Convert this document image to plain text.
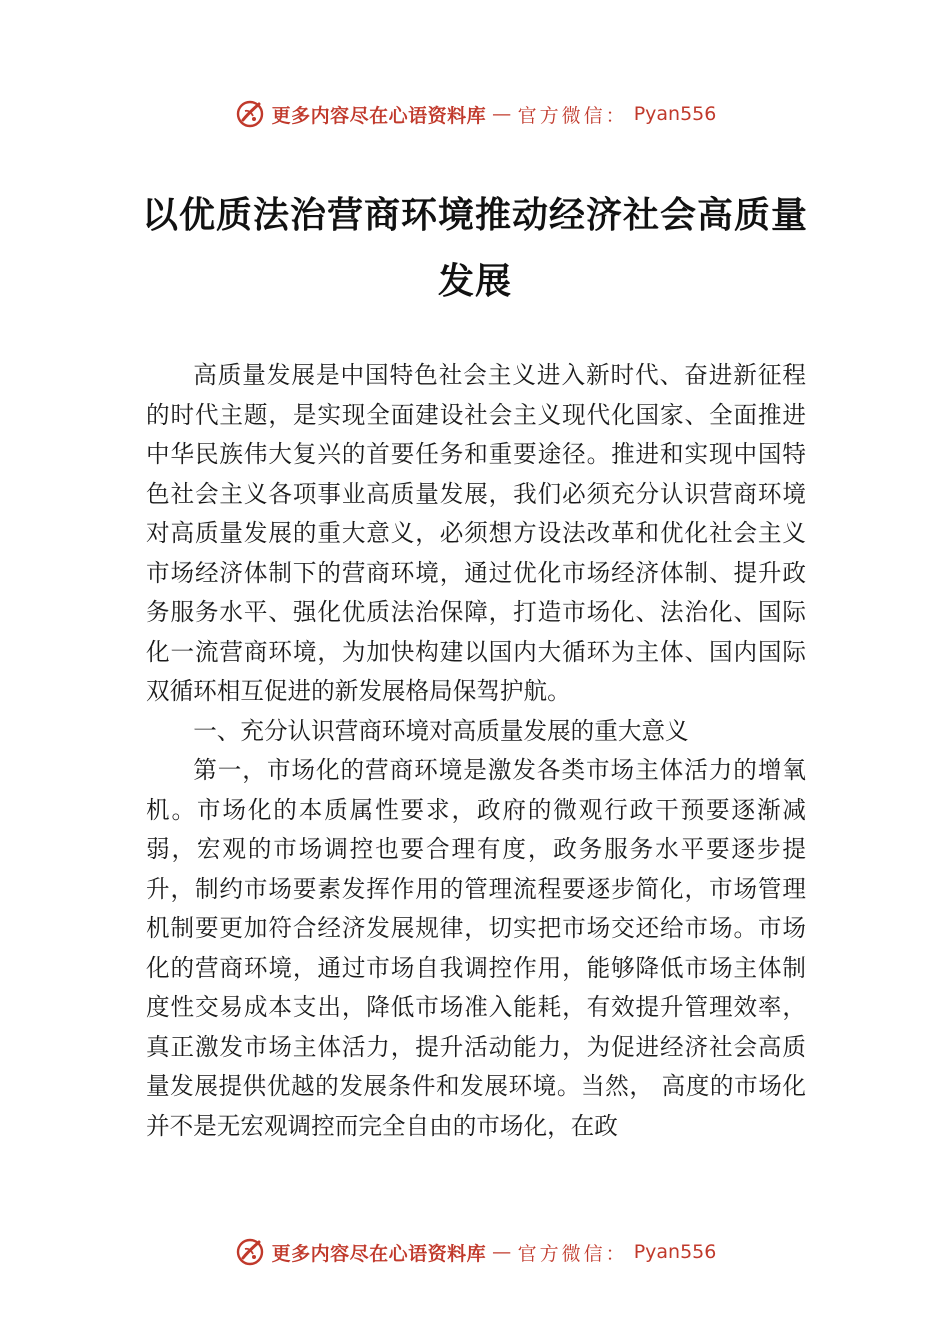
更多内容尽在心语资料库 — 官方微信： Pyan556
以优质法治营商环境推动经济社会高质量发展

高质量发展是中国特色社会主义进入新时代、奋进新征程的时代主题，是实现全面建设社会主义现代化国家、全面推进中华民族伟大复兴的首要任务和重要途径。推进和实现中国特色社会主义各项事业高质量发展，我们必须充分认识营商环境对高质量发展的重大意义，必须想方设法改革和优化社会主义市场经济体制下的营商环境，通过优化市场经济体制、提升政务服务水平、强化优质法治保障，打造市场化、法治化、国际化一流营商环境，为加快构建以国内大循环为主体、国内国际双循环相互促进的新发展格局保驾护航。

一、充分认识营商环境对高质量发展的重大意义

第一，市场化的营商环境是激发各类市场主体活力的增氧机。市场化的本质属性要求，政府的微观行政干预要逐渐减弱，宏观的市场调控也要合理有度，政务服务水平要逐步提升，制约市场要素发挥作用的管理流程要逐步简化，市场管理机制要更加符合经济发展规律，切实把市场交还给市场。市场化的营商环境，通过市场自我调控作用，能够降低市场主体制度性交易成本支出，降低市场准入能耗，有效提升管理效率，真正激发市场主体活力，提升活动能力，为促进经济社会高质量发展提供优越的发展条件和发展环境。当然， 高度的市场化并不是无宏观调控而完全自由的市场化，在政

更多内容尽在心语资料库 — 官方微信： Pyan556
